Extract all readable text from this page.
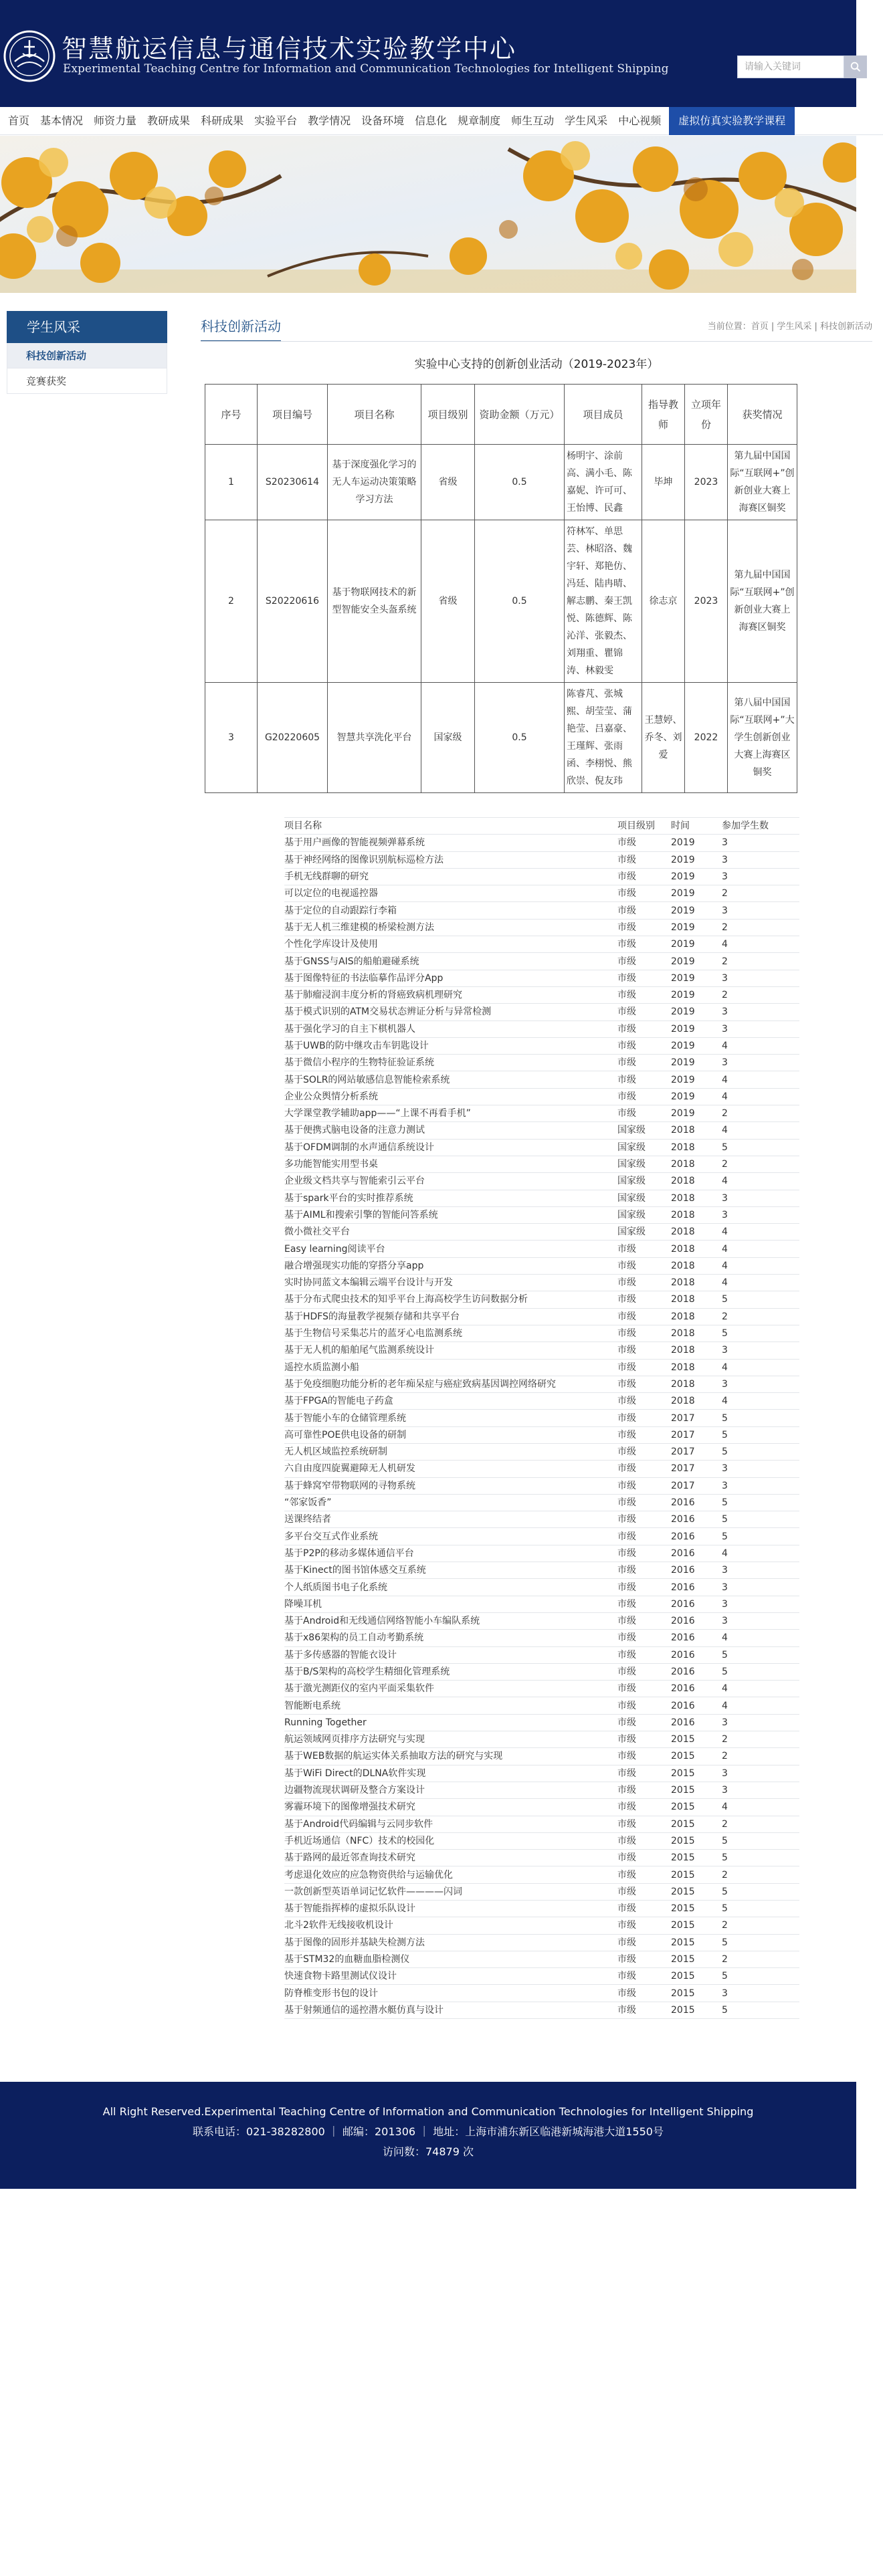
智慧航运信息与通信技术实验教学中心
Experimental Teaching Centre for Information and Communication Technologies for Intelligent Shipping	请输入关键词
首页	基本情况	师资力量	教研成果	科研成果	实验平台	教学情况	设备环境	信息化	规章制度	师生互动	学生风采	中心视频	虚拟仿真实验教学课程
学生风采
科技创新活动
竞赛获奖
科技创新活动	当前位置：首页 | 学生风采 | 科技创新活动
实验中心支持的创新创业活动（2019-2023年）
序号	项目编号	项目名称	项目级别	资助金额（万元）	项目成员	指导教师	立项年份	获奖情况
1	S20230614	基于深度强化学习的无人车运动决策策略学习方法	省级	0.5	杨明宇、涂前高、满小毛、陈嘉妮、许可可、王怡博、民鑫	毕坤	2023	第九届中国国际“互联网+”创新创业大赛上海赛区铜奖
2	S20220616	基于物联网技术的新型智能安全头盔系统	省级	0.5	符林军、单思芸、林昭洛、魏宇轩、郑艳仿、冯廷、陆冉晴、解志鹏、秦王凯悦、陈德辉、陈沁洋、张毅杰、刘翔重、瞿锦涛、林毅雯	徐志京	2023	第九届中国国际“互联网+”创新创业大赛上海赛区铜奖
3	G20220605	智慧共享洗化平台	国家级	0.5	陈睿芃、张城熙、胡莹莹、蒲艳莹、吕嘉豪、王瑾辉、张雨函、李栩悦、熊欣崇、倪友玮	王慧婷、乔冬、刘爱	2022	第八届中国国际“互联网+”大学生创新创业大赛上海赛区铜奖
项目名称	项目级别	时间	参加学生数
基于用户画像的智能视频弹幕系统	市级	2019	3
基于神经网络的图像识别航标巡检方法	市级	2019	3
手机无线群聊的研究	市级	2019	3
可以定位的电视遥控器	市级	2019	2
基于定位的自动跟踪行李箱	市级	2019	3
基于无人机三维建模的桥梁检测方法	市级	2019	2
个性化学库设计及使用	市级	2019	4
基于GNSS与AIS的船舶避碰系统	市级	2019	2
基于图像特征的书法临摹作品评分App	市级	2019	3
基于肺瘤浸润丰度分析的肾癌致病机理研究	市级	2019	2
基于模式识别的ATM交易状态辨证分析与异常检测	市级	2019	3
基于强化学习的自主下棋机器人	市级	2019	3
基于UWB的防中继攻击车钥匙设计	市级	2019	4
基于微信小程序的生物特征验证系统	市级	2019	3
基于SOLR的网站敏感信息智能检索系统	市级	2019	4
企业公众舆情分析系统	市级	2019	4
大学课堂教学辅助app——“上课不再看手机”	市级	2019	2
基于便携式脑电设备的注意力测试	国家级	2018	4
基于OFDM调制的水声通信系统设计	国家级	2018	5
多功能智能实用型书桌	国家级	2018	2
企业级文档共享与智能索引云平台	国家级	2018	4
基于spark平台的实时推荐系统	国家级	2018	3
基于AIML和搜索引擎的智能问答系统	国家级	2018	3
微小微社交平台	国家级	2018	4
Easy learning阅读平台	市级	2018	4
融合增强现实功能的穿搭分享app	市级	2018	4
实时协同蓝文本编辑云端平台设计与开发	市级	2018	4
基于分布式爬虫技术的知乎平台上海高校学生访问数据分析	市级	2018	5
基于HDFS的海量教学视频存储和共享平台	市级	2018	2
基于生物信号采集芯片的蓝牙心电监测系统	市级	2018	5
基于无人机的船舶尾气监测系统设计	市级	2018	3
遥控水质监测小船	市级	2018	4
基于免疫细胞功能分析的老年痴呆症与癌症致病基因调控网络研究	市级	2018	3
基于FPGA的智能电子药盒	市级	2018	4
基于智能小车的仓储管理系统	市级	2017	5
高可靠性POE供电设备的研制	市级	2017	5
无人机区域监控系统研制	市级	2017	5
六自由度四旋翼避障无人机研发	市级	2017	3
基于蜂窝窄带物联网的寻物系统	市级	2017	3
“邻家饭香”	市级	2016	5
送课终结者	市级	2016	5
多平台交互式作业系统	市级	2016	5
基于P2P的移动多媒体通信平台	市级	2016	4
基于Kinect的图书馆体感交互系统	市级	2016	3
个人纸质图书电子化系统	市级	2016	3
降噪耳机	市级	2016	3
基于Android和无线通信网络智能小车编队系统	市级	2016	3
基于x86架构的员工自动考勤系统	市级	2016	4
基于多传感器的智能衣设计	市级	2016	5
基于B/S架构的高校学生精细化管理系统	市级	2016	5
基于激光测距仪的室内平面采集软件	市级	2016	4
智能断电系统	市级	2016	4
Running Together	市级	2016	3
航运领域网页排序方法研究与实现	市级	2015	2
基于WEB数据的航运实体关系抽取方法的研究与实现	市级	2015	2
基于WiFi Direct的DLNA软件实现	市级	2015	3
边疆物流现状调研及整合方案设计	市级	2015	3
雾霾环境下的图像增强技术研究	市级	2015	4
基于Android代码编辑与云同步软件	市级	2015	2
手机近场通信（NFC）技术的校园化	市级	2015	5
基于路网的最近邻查询技术研究	市级	2015	5
考虑退化效应的应急物资供给与运输优化	市级	2015	2
一款创新型英语单词记忆软件————闪词	市级	2015	5
基于智能指挥棒的虚拟乐队设计	市级	2015	5
北斗2软件无线接收机设计	市级	2015	2
基于图像的固形并基缺失检测方法	市级	2015	5
基于STM32的血糖血脂检测仪	市级	2015	2
快速食物卡路里测试仪设计	市级	2015	5
防脊椎变形书包的设计	市级	2015	3
基于射频通信的遥控潜水艇仿真与设计	市级	2015	5

All Right Reserved.Experimental Teaching Centre of Information and Communication Technologies for Intelligent Shipping

联系电话：021-38282800 ｜ 邮编：201306 ｜ 地址：上海市浦东新区临港新城海港大道1550号

访问数：74879 次
